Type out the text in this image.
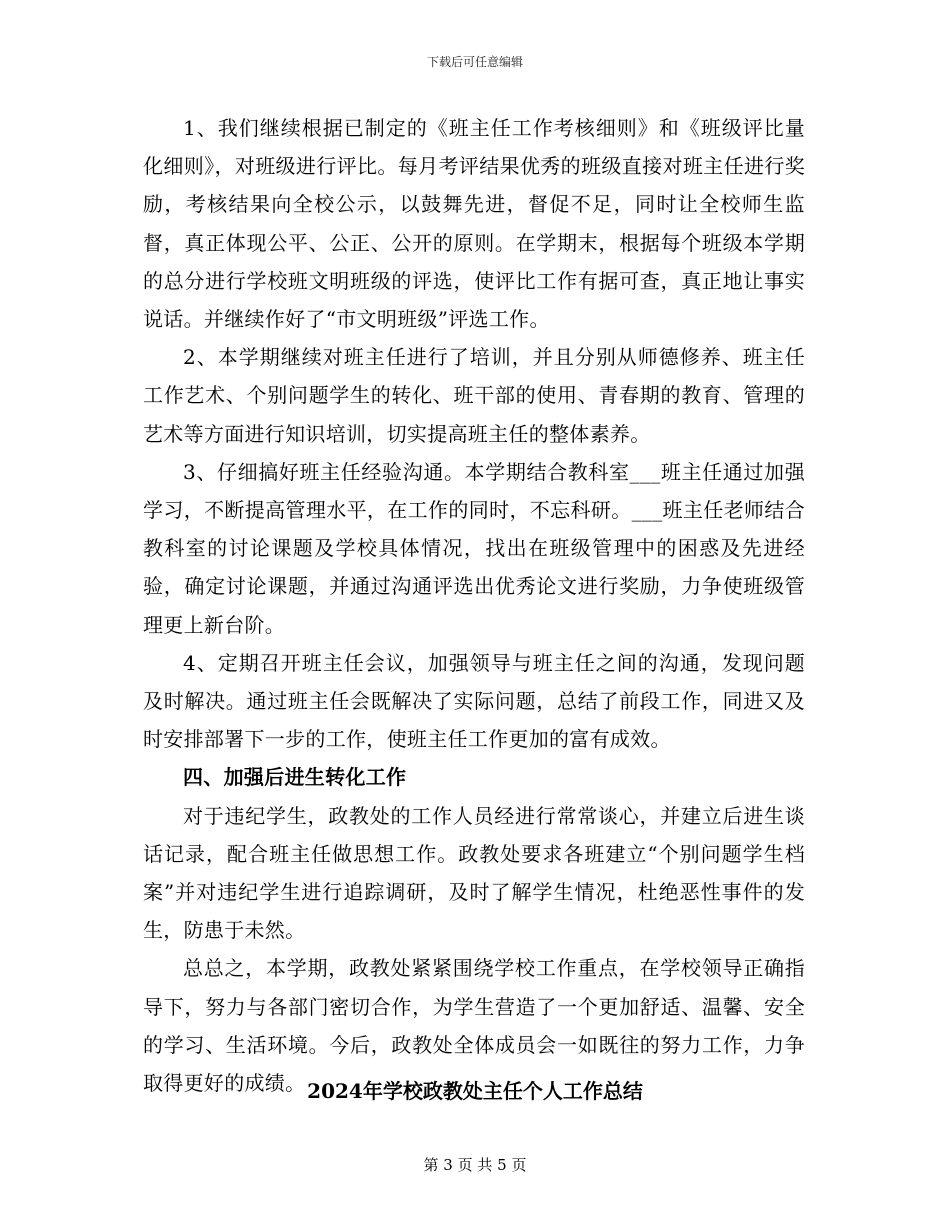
下载后可任意编辑

1、我们继续根据已制定的《班主任工作考核细则》和《班级评比量化细则》，对班级进行评比。每月考评结果优秀的班级直接对班主任进行奖励，考核结果向全校公示，以鼓舞先进，督促不足，同时让全校师生监督，真正体现公平、公正、公开的原则。在学期末，根据每个班级本学期的总分进行学校班文明班级的评选，使评比工作有据可查，真正地让事实说话。并继续作好了“市文明班级”评选工作。

2、本学期继续对班主任进行了培训，并且分别从师德修养、班主任工作艺术、个别问题学生的转化、班干部的使用、青春期的教育、管理的艺术等方面进行知识培训，切实提高班主任的整体素养。

3、仔细搞好班主任经验沟通。本学期结合教科室___班主任通过加强学习，不断提高管理水平，在工作的同时，不忘科研。___班主任老师结合教科室的讨论课题及学校具体情况，找出在班级管理中的困惑及先进经验，确定讨论课题，并通过沟通评选出优秀论文进行奖励，力争使班级管理更上新台阶。

4、定期召开班主任会议，加强领导与班主任之间的沟通，发现问题及时解决。通过班主任会既解决了实际问题，总结了前段工作，同进又及时安排部署下一步的工作，使班主任工作更加的富有成效。

四、加强后进生转化工作

对于违纪学生，政教处的工作人员经进行常常谈心，并建立后进生谈话记录，配合班主任做思想工作。政教处要求各班建立“个别问题学生档案”并对违纪学生进行追踪调研，及时了解学生情况，杜绝恶性事件的发生，防患于未然。

总总之，本学期，政教处紧紧围绕学校工作重点，在学校领导正确指导下，努力与各部门密切合作，为学生营造了一个更加舒适、温馨、安全的学习、生活环境。今后，政教处全体成员会一如既往的努力工作，力争取得更好的成绩。 2024年学校政教处主任个人工作总结
第 3 页 共 5 页
